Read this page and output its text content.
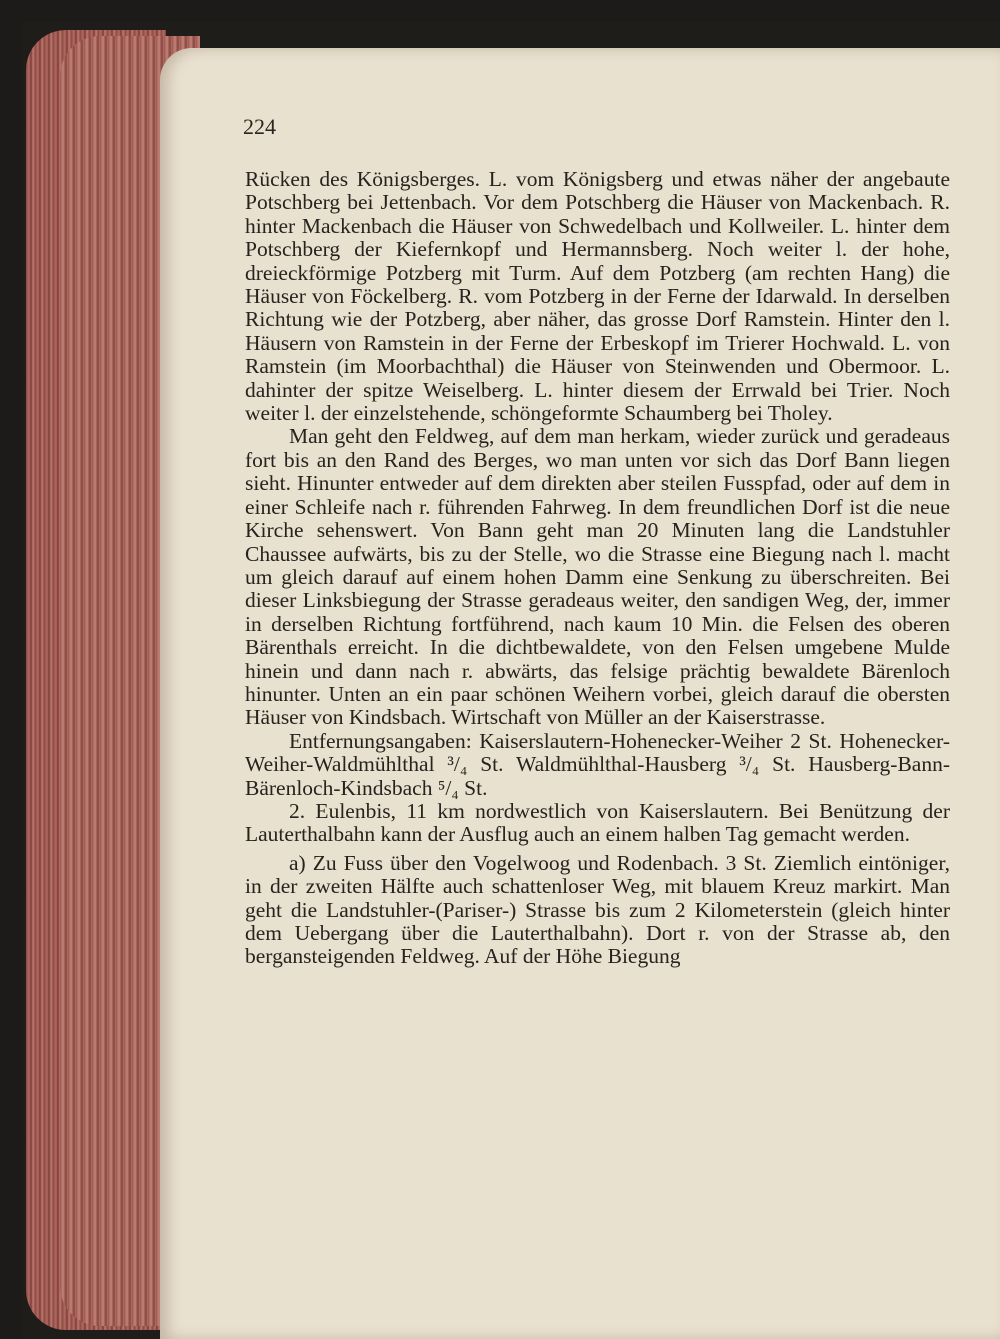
224

Rücken des Königsberges. L. vom Königsberg und etwas näher der angebaute Potschberg bei Jettenbach. Vor dem Potschberg die Häuser von Mackenbach. R. hinter Mackenbach die Häuser von Schwedelbach und Kollweiler. L. hinter dem Potschberg der Kiefernkopf und Hermannsberg. Noch weiter l. der hohe, dreieckförmige Potzberg mit Turm. Auf dem Potzberg (am rechten Hang) die Häuser von Föckelberg. R. vom Potzberg in der Ferne der Idarwald. In derselben Richtung wie der Potzberg, aber näher, das grosse Dorf Ramstein. Hinter den l. Häusern von Ramstein in der Ferne der Erbeskopf im Trierer Hochwald. L. von Ramstein (im Moorbachthal) die Häuser von Steinwenden und Obermoor. L. dahinter der spitze Weiselberg. L. hinter diesem der Errwald bei Trier. Noch weiter l. der einzelstehende, schöngeformte Schaumberg bei Tholey.

Man geht den Feldweg, auf dem man herkam, wieder zurück und geradeaus fort bis an den Rand des Berges, wo man unten vor sich das Dorf Bann liegen sieht. Hinunter entweder auf dem direkten aber steilen Fusspfad, oder auf dem in einer Schleife nach r. führenden Fahrweg. In dem freundlichen Dorf ist die neue Kirche sehenswert. Von Bann geht man 20 Minuten lang die Landstuhler Chaussee aufwärts, bis zu der Stelle, wo die Strasse eine Biegung nach l. macht um gleich darauf auf einem hohen Damm eine Senkung zu überschreiten. Bei dieser Linksbiegung der Strasse geradeaus weiter, den sandigen Weg, der, immer in derselben Richtung fortführend, nach kaum 10 Min. die Felsen des oberen Bärenthals erreicht. In die dichtbewaldete, von den Felsen umgebene Mulde hinein und dann nach r. abwärts, das felsige prächtig bewaldete Bärenloch hinunter. Unten an ein paar schönen Weihern vorbei, gleich darauf die obersten Häuser von Kindsbach. Wirtschaft von Müller an der Kaiserstrasse.

Entfernungsangaben: Kaiserslautern-Hohenecker-Weiher 2 St. Hohenecker-Weiher-Waldmühlthal ³/₄ St. Waldmühlthal-Hausberg ³/₄ St. Hausberg-Bann-Bärenloch-Kindsbach ⁵/₄ St.

2. Eulenbis, 11 km nordwestlich von Kaiserslautern. Bei Benützung der Lauterthalbahn kann der Ausflug auch an einem halben Tag gemacht werden.

a) Zu Fuss über den Vogelwoog und Rodenbach. 3 St. Ziemlich eintöniger, in der zweiten Hälfte auch schattenloser Weg, mit blauem Kreuz markirt. Man geht die Landstuhler-(Pariser-) Strasse bis zum 2 Kilometerstein (gleich hinter dem Uebergang über die Lauterthalbahn). Dort r. von der Strasse ab, den bergansteigenden Feldweg. Auf der Höhe Biegung
